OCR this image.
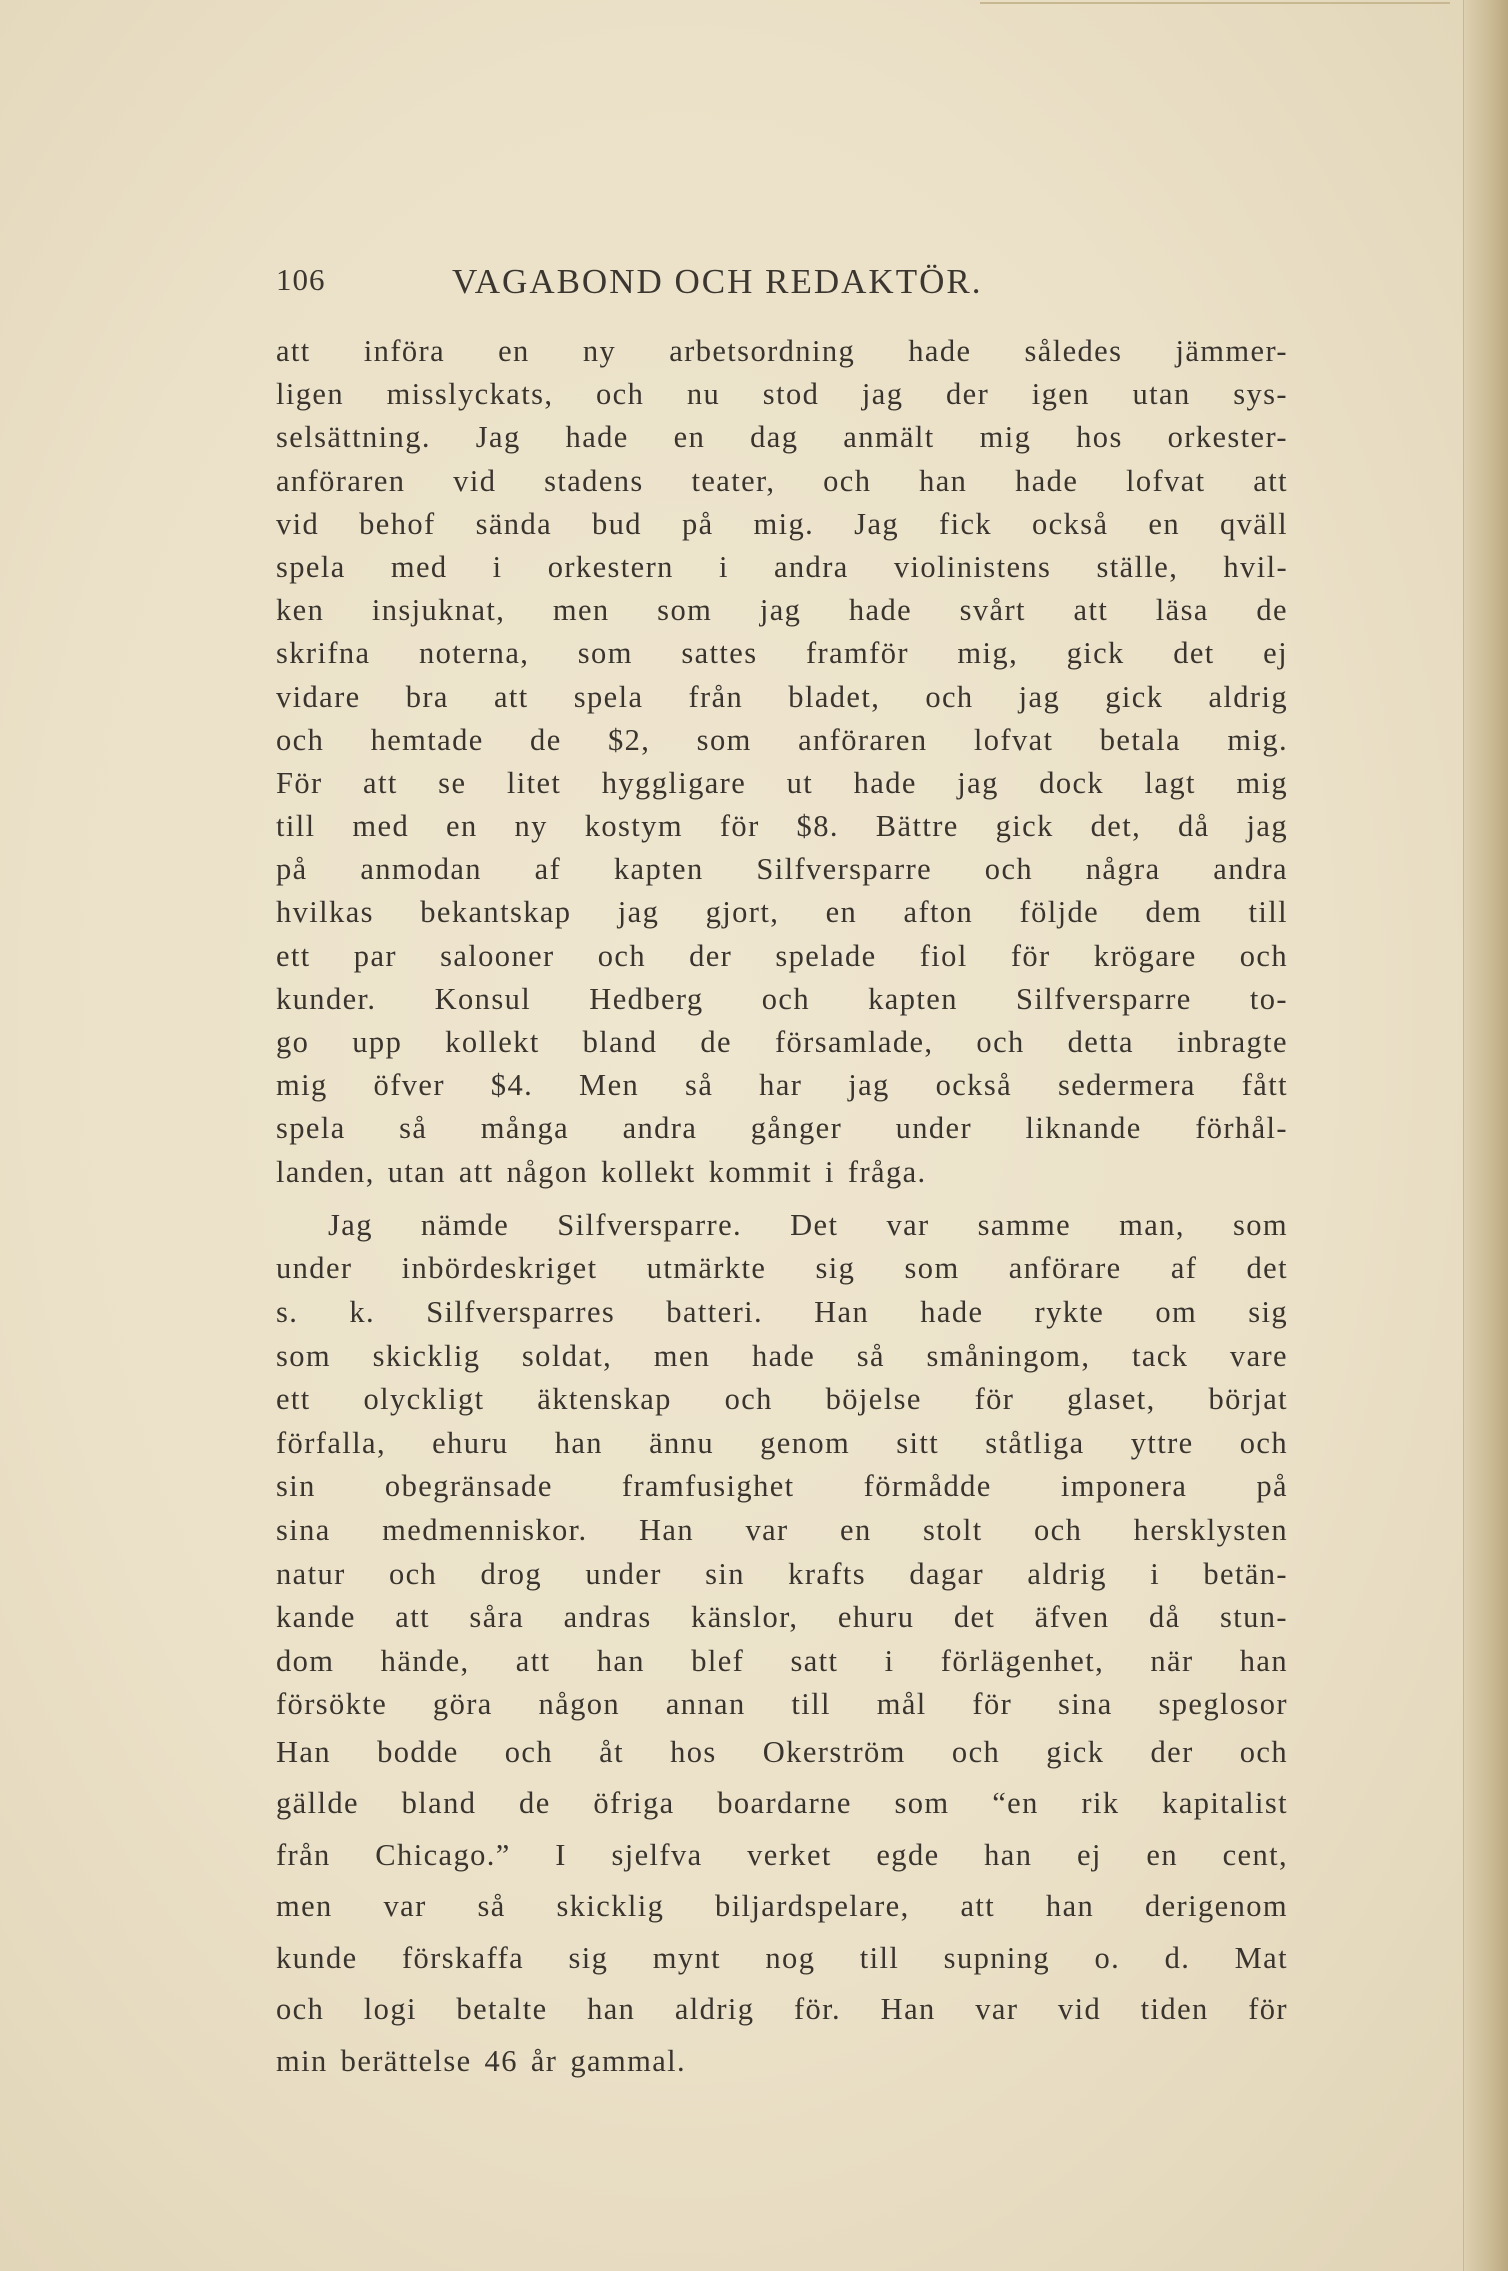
106	VAGABOND OCH REDAKTÖR.
att införa en ny arbetsordning hade således jämmer-
ligen misslyckats, och nu stod jag der igen utan sys-
selsättning. Jag hade en dag anmält mig hos orkester-
anföraren vid stadens teater, och han hade lofvat att
vid behof sända bud på mig. Jag fick också en qväll
spela med i orkestern i andra violinistens ställe, hvil-
ken insjuknat, men som jag hade svårt att läsa de
skrifna noterna, som sattes framför mig, gick det ej
vidare bra att spela från bladet, och jag gick aldrig
och hemtade de $2, som anföraren lofvat betala mig.
För att se litet hyggligare ut hade jag dock lagt mig
till med en ny kostym för $8. Bättre gick det, då jag
på anmodan af kapten Silfversparre och några andra
hvilkas bekantskap jag gjort, en afton följde dem till
ett par salooner och der spelade fiol för krögare och
kunder. Konsul Hedberg och kapten Silfversparre to-
go upp kollekt bland de församlade, och detta inbragte
mig öfver $4. Men så har jag också sedermera fått
spela så många andra gånger under liknande förhål-
landen, utan att någon kollekt kommit i fråga.
Jag nämde Silfversparre. Det var samme man, som
under inbördeskriget utmärkte sig som anförare af det
s. k. Silfversparres batteri. Han hade rykte om sig
som skicklig soldat, men hade så småningom, tack vare
ett olyckligt äktenskap och böjelse för glaset, börjat
förfalla, ehuru han ännu genom sitt ståtliga yttre och
sin obegränsade framfusighet förmådde imponera på
sina medmenniskor. Han var en stolt och hersklysten
natur och drog under sin krafts dagar aldrig i betän-
kande att såra andras känslor, ehuru det äfven då stun-
dom hände, att han blef satt i förlägenhet, när han
försökte göra någon annan till mål för sina speglosor
Han bodde och åt hos Okerström och gick der och
gällde bland de öfriga boardarne som “en rik kapitalist
från Chicago.” I sjelfva verket egde han ej en cent,
men var så skicklig biljardspelare, att han derigenom
kunde förskaffa sig mynt nog till supning o. d. Mat
och logi betalte han aldrig för. Han var vid tiden för
min berättelse 46 år gammal.
